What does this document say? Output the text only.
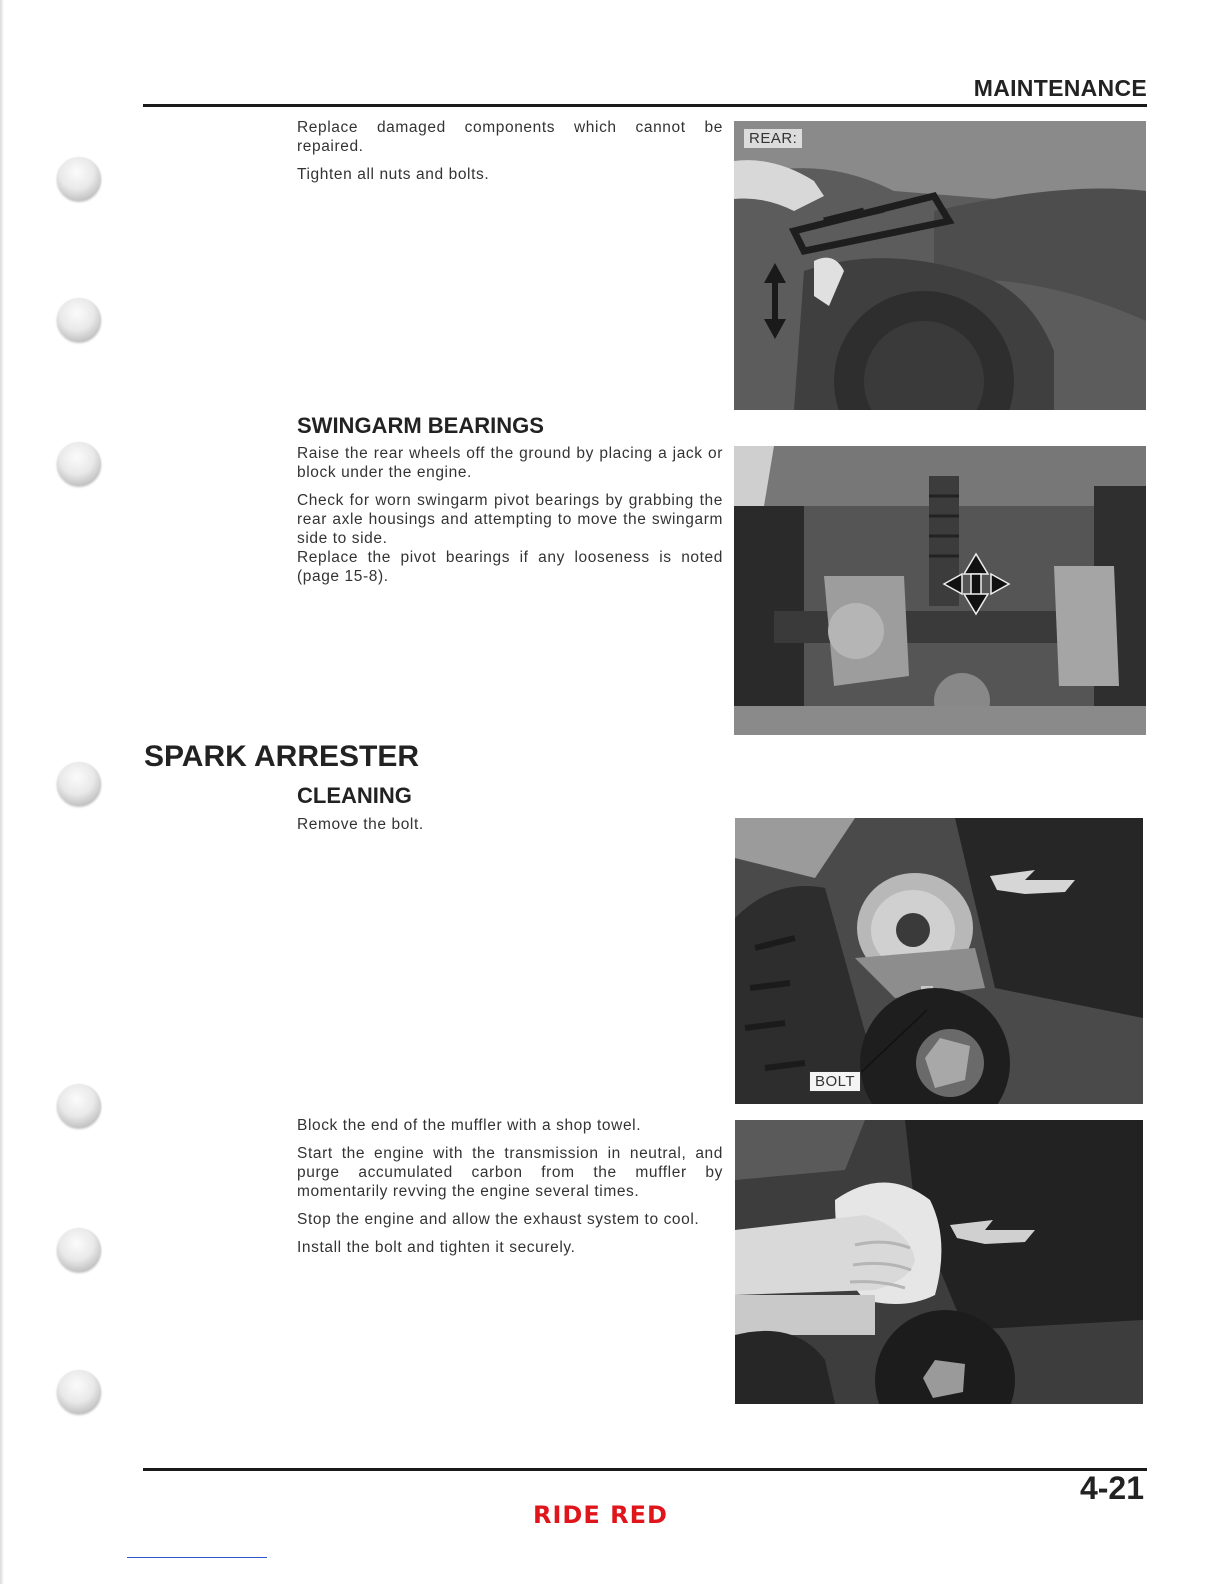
MAINTENANCE

Replace damaged components which cannot be repaired.

Tighten all nuts and bolts.

SWINGARM BEARINGS

Raise the rear wheels off the ground by placing a jack or block under the engine.

Check for worn swingarm pivot bearings by grabbing the rear axle housings and attempting to move the swingarm side to side.

Replace the pivot bearings if any looseness is noted (page 15-8).

SPARK ARRESTER
CLEANING

Remove the bolt.

Block the end of the muffler with a shop towel.

Start the engine with the transmission in neutral, and purge accumulated carbon from the muffler by momentarily revving the engine several times.

Stop the engine and allow the exhaust system to cool.

Install the bolt and tighten it securely.

REAR:
BOLT
4-21
RIDE RED
